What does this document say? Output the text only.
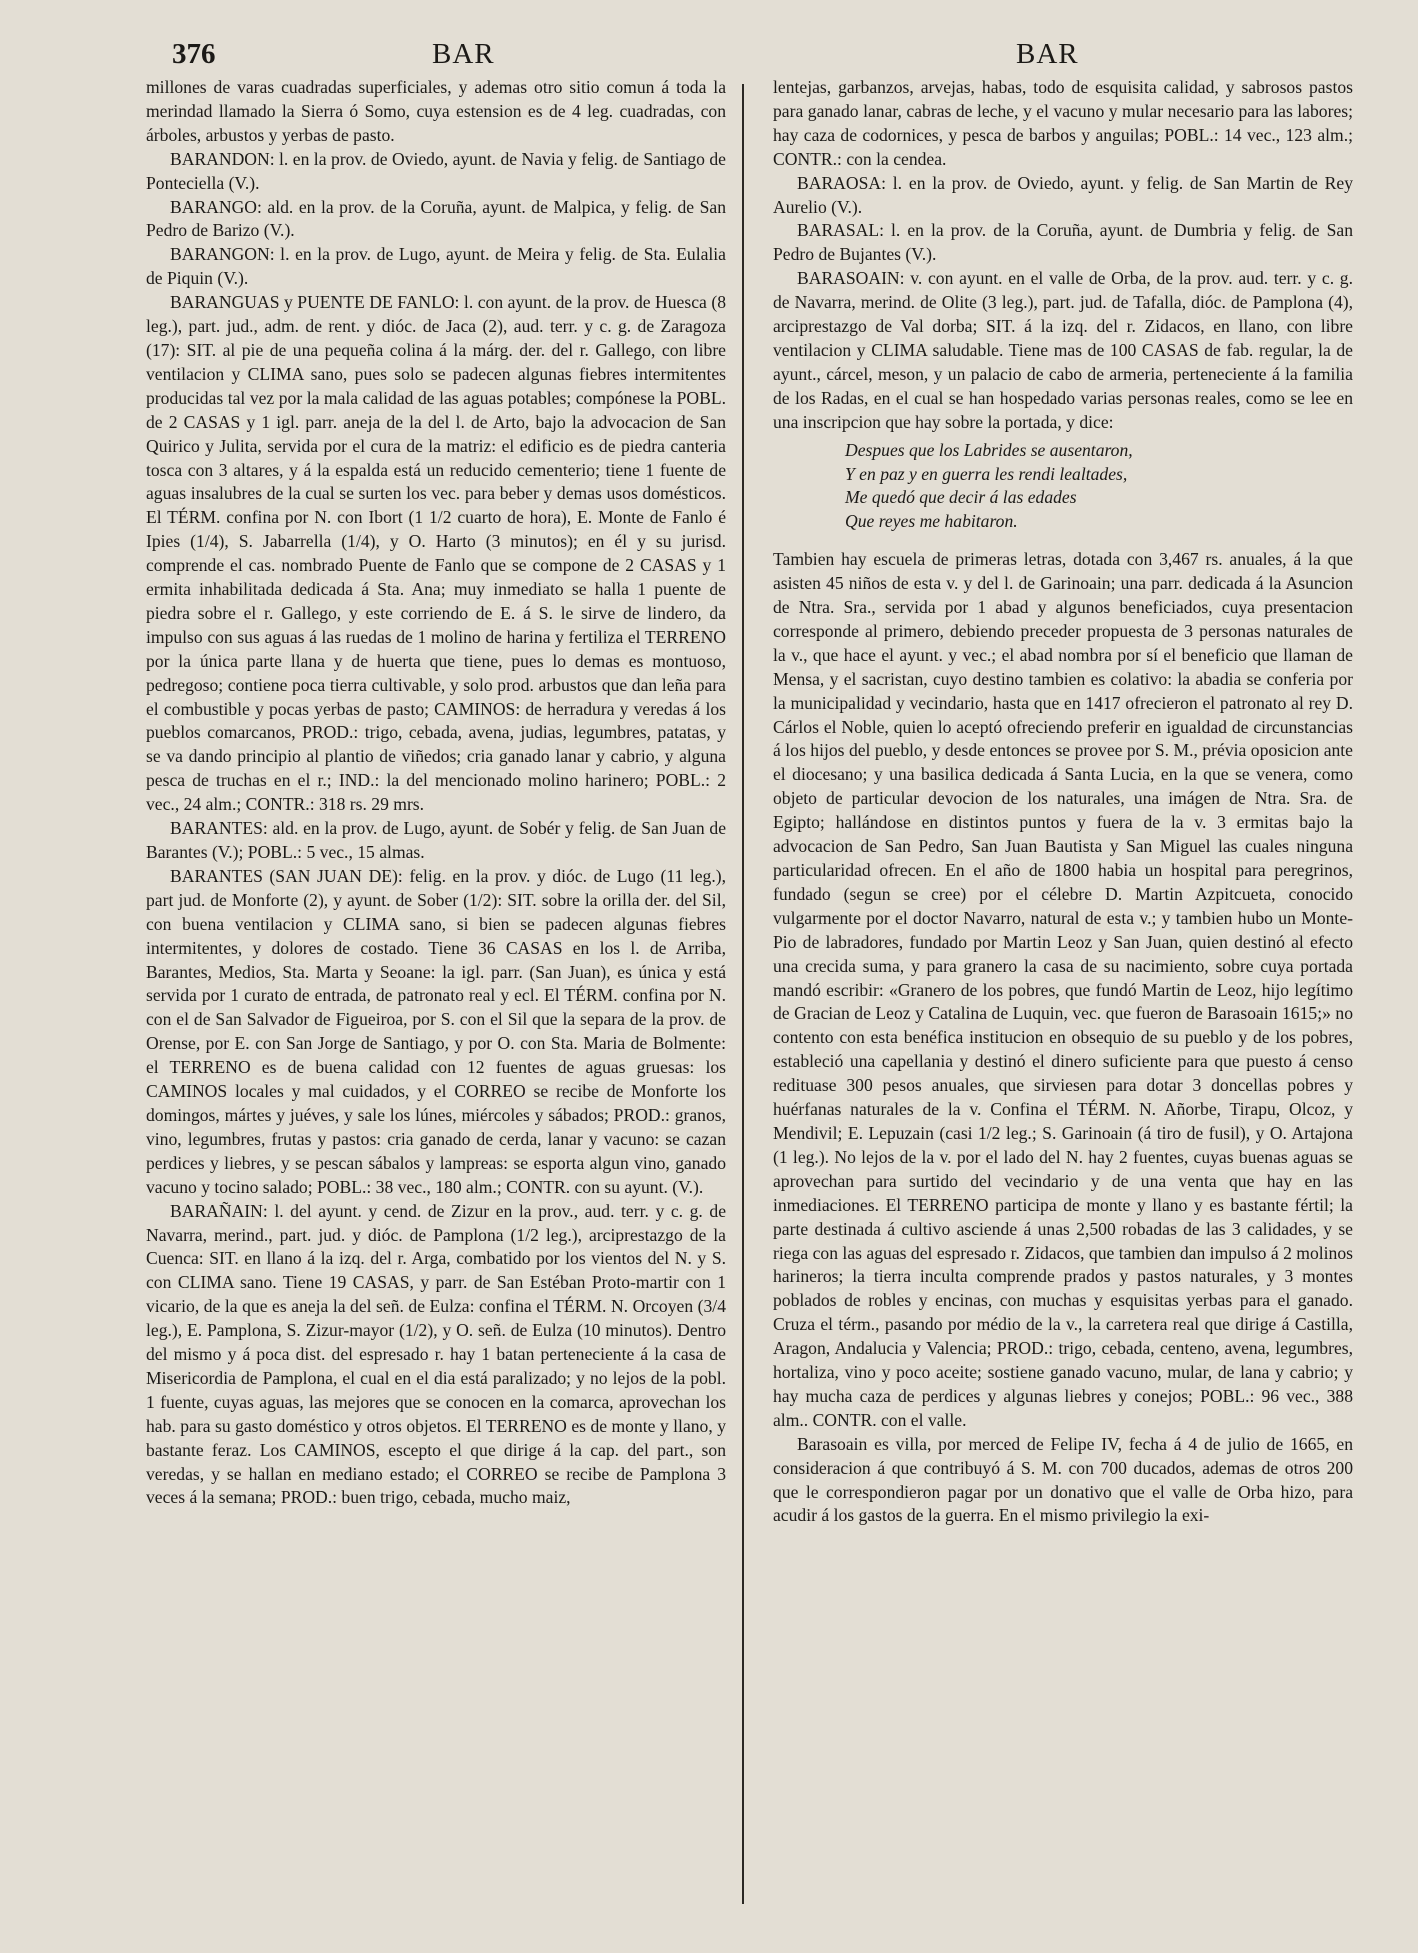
376	BAR	BAR

millones de varas cuadradas superficiales, y ademas otro sitio comun á toda la merindad llamado la Sierra ó Somo, cuya estension es de 4 leg. cuadradas, con árboles, arbustos y yerbas de pasto.

BARANDON: l. en la prov. de Oviedo, ayunt. de Navia y felig. de Santiago de Ponteciella (V.).

BARANGO: ald. en la prov. de la Coruña, ayunt. de Malpica, y felig. de San Pedro de Barizo (V.).

BARANGON: l. en la prov. de Lugo, ayunt. de Meira y felig. de Sta. Eulalia de Piquin (V.).

BARANGUAS y PUENTE DE FANLO: l. con ayunt. de la prov. de Huesca (8 leg.), part. jud., adm. de rent. y dióc. de Jaca (2), aud. terr. y c. g. de Zaragoza (17): SIT. al pie de una pequeña colina á la márg. der. del r. Gallego, con libre ventilacion y CLIMA sano, pues solo se padecen algunas fiebres intermitentes producidas tal vez por la mala calidad de las aguas potables; compónese la POBL. de 2 CASAS y 1 igl. parr. aneja de la del l. de Arto, bajo la advocacion de San Quirico y Julita, servida por el cura de la matriz: el edificio es de piedra canteria tosca con 3 altares, y á la espalda está un reducido cementerio; tiene 1 fuente de aguas insalubres de la cual se surten los vec. para beber y demas usos domésticos. El TÉRM. confina por N. con Ibort (1 1/2 cuarto de hora), E. Monte de Fanlo é Ipies (1/4), S. Jabarrella (1/4), y O. Harto (3 minutos); en él y su jurisd. comprende el cas. nombrado Puente de Fanlo que se compone de 2 CASAS y 1 ermita inhabilitada dedicada á Sta. Ana; muy inmediato se halla 1 puente de piedra sobre el r. Gallego, y este corriendo de E. á S. le sirve de lindero, da impulso con sus aguas á las ruedas de 1 molino de harina y fertiliza el TERRENO por la única parte llana y de huerta que tiene, pues lo demas es montuoso, pedregoso; contiene poca tierra cultivable, y solo prod. arbustos que dan leña para el combustible y pocas yerbas de pasto; CAMINOS: de herradura y veredas á los pueblos comarcanos, PROD.: trigo, cebada, avena, judias, legumbres, patatas, y se va dando principio al plantio de viñedos; cria ganado lanar y cabrio, y alguna pesca de truchas en el r.; IND.: la del mencionado molino harinero; POBL.: 2 vec., 24 alm.; CONTR.: 318 rs. 29 mrs.

BARANTES: ald. en la prov. de Lugo, ayunt. de Sobér y felig. de San Juan de Barantes (V.); POBL.: 5 vec., 15 almas.

BARANTES (SAN JUAN DE): felig. en la prov. y dióc. de Lugo (11 leg.), part jud. de Monforte (2), y ayunt. de Sober (1/2): SIT. sobre la orilla der. del Sil, con buena ventilacion y CLIMA sano, si bien se padecen algunas fiebres intermitentes, y dolores de costado. Tiene 36 CASAS en los l. de Arriba, Barantes, Medios, Sta. Marta y Seoane: la igl. parr. (San Juan), es única y está servida por 1 curato de entrada, de patronato real y ecl. El TÉRM. confina por N. con el de San Salvador de Figueiroa, por S. con el Sil que la separa de la prov. de Orense, por E. con San Jorge de Santiago, y por O. con Sta. Maria de Bolmente: el TERRENO es de buena calidad con 12 fuentes de aguas gruesas: los CAMINOS locales y mal cuidados, y el CORREO se recibe de Monforte los domingos, mártes y juéves, y sale los lúnes, miércoles y sábados; PROD.: granos, vino, legumbres, frutas y pastos: cria ganado de cerda, lanar y vacuno: se cazan perdices y liebres, y se pescan sábalos y lampreas: se esporta algun vino, ganado vacuno y tocino salado; POBL.: 38 vec., 180 alm.; CONTR. con su ayunt. (V.).

BARAÑAIN: l. del ayunt. y cend. de Zizur en la prov., aud. terr. y c. g. de Navarra, merind., part. jud. y dióc. de Pamplona (1/2 leg.), arciprestazgo de la Cuenca: SIT. en llano á la izq. del r. Arga, combatido por los vientos del N. y S. con CLIMA sano. Tiene 19 CASAS, y parr. de San Estéban Proto-martir con 1 vicario, de la que es aneja la del señ. de Eulza: confina el TÉRM. N. Orcoyen (3/4 leg.), E. Pamplona, S. Zizur-mayor (1/2), y O. señ. de Eulza (10 minutos). Dentro del mismo y á poca dist. del espresado r. hay 1 batan perteneciente á la casa de Misericordia de Pamplona, el cual en el dia está paralizado; y no lejos de la pobl. 1 fuente, cuyas aguas, las mejores que se conocen en la comarca, aprovechan los hab. para su gasto doméstico y otros objetos. El TERRENO es de monte y llano, y bastante feraz. Los CAMINOS, escepto el que dirige á la cap. del part., son veredas, y se hallan en mediano estado; el CORREO se recibe de Pamplona 3 veces á la semana; PROD.: buen trigo, cebada, mucho maiz,

lentejas, garbanzos, arvejas, habas, todo de esquisita calidad, y sabrosos pastos para ganado lanar, cabras de leche, y el vacuno y mular necesario para las labores; hay caza de codornices, y pesca de barbos y anguilas; POBL.: 14 vec., 123 alm.; CONTR.: con la cendea.

BARAOSA: l. en la prov. de Oviedo, ayunt. y felig. de San Martin de Rey Aurelio (V.).

BARASAL: l. en la prov. de la Coruña, ayunt. de Dumbria y felig. de San Pedro de Bujantes (V.).

BARASOAIN: v. con ayunt. en el valle de Orba, de la prov. aud. terr. y c. g. de Navarra, merind. de Olite (3 leg.), part. jud. de Tafalla, dióc. de Pamplona (4), arciprestazgo de Val dorba; SIT. á la izq. del r. Zidacos, en llano, con libre ventilacion y CLIMA saludable. Tiene mas de 100 CASAS de fab. regular, la de ayunt., cárcel, meson, y un palacio de cabo de armeria, perteneciente á la familia de los Radas, en el cual se han hospedado varias personas reales, como se lee en una inscripcion que hay sobre la portada, y dice:

Despues que los Labrides se ausentaron,
Y en paz y en guerra les rendi lealtades,
Me quedó que decir á las edades
Que reyes me habitaron.

Tambien hay escuela de primeras letras, dotada con 3,467 rs. anuales, á la que asisten 45 niños de esta v. y del l. de Garinoain; una parr. dedicada á la Asuncion de Ntra. Sra., servida por 1 abad y algunos beneficiados, cuya presentacion corresponde al primero, debiendo preceder propuesta de 3 personas naturales de la v., que hace el ayunt. y vec.; el abad nombra por sí el beneficio que llaman de Mensa, y el sacristan, cuyo destino tambien es colativo: la abadia se conferia por la municipalidad y vecindario, hasta que en 1417 ofrecieron el patronato al rey D. Cárlos el Noble, quien lo aceptó ofreciendo preferir en igualdad de circunstancias á los hijos del pueblo, y desde entonces se provee por S. M., prévia oposicion ante el diocesano; y una basilica dedicada á Santa Lucia, en la que se venera, como objeto de particular devocion de los naturales, una imágen de Ntra. Sra. de Egipto; hallándose en distintos puntos y fuera de la v. 3 ermitas bajo la advocacion de San Pedro, San Juan Bautista y San Miguel las cuales ninguna particularidad ofrecen. En el año de 1800 habia un hospital para peregrinos, fundado (segun se cree) por el célebre D. Martin Azpitcueta, conocido vulgarmente por el doctor Navarro, natural de esta v.; y tambien hubo un Monte-Pio de labradores, fundado por Martin Leoz y San Juan, quien destinó al efecto una crecida suma, y para granero la casa de su nacimiento, sobre cuya portada mandó escribir: «Granero de los pobres, que fundó Martin de Leoz, hijo legítimo de Gracian de Leoz y Catalina de Luquin, vec. que fueron de Barasoain 1615;» no contento con esta benéfica institucion en obsequio de su pueblo y de los pobres, estableció una capellania y destinó el dinero suficiente para que puesto á censo redituase 300 pesos anuales, que sirviesen para dotar 3 doncellas pobres y huérfanas naturales de la v. Confina el TÉRM. N. Añorbe, Tirapu, Olcoz, y Mendivil; E. Lepuzain (casi 1/2 leg.; S. Garinoain (á tiro de fusil), y O. Artajona (1 leg.). No lejos de la v. por el lado del N. hay 2 fuentes, cuyas buenas aguas se aprovechan para surtido del vecindario y de una venta que hay en las inmediaciones. El TERRENO participa de monte y llano y es bastante fértil; la parte destinada á cultivo asciende á unas 2,500 robadas de las 3 calidades, y se riega con las aguas del espresado r. Zidacos, que tambien dan impulso á 2 molinos harineros; la tierra inculta comprende prados y pastos naturales, y 3 montes poblados de robles y encinas, con muchas y esquisitas yerbas para el ganado. Cruza el térm., pasando por médio de la v., la carretera real que dirige á Castilla, Aragon, Andalucia y Valencia; PROD.: trigo, cebada, centeno, avena, legumbres, hortaliza, vino y poco aceite; sostiene ganado vacuno, mular, de lana y cabrio; y hay mucha caza de perdices y algunas liebres y conejos; POBL.: 96 vec., 388 alm.. CONTR. con el valle.

Barasoain es villa, por merced de Felipe IV, fecha á 4 de julio de 1665, en consideracion á que contribuyó á S. M. con 700 ducados, ademas de otros 200 que le correspondieron pagar por un donativo que el valle de Orba hizo, para acudir á los gastos de la guerra. En el mismo privilegio la exi-
